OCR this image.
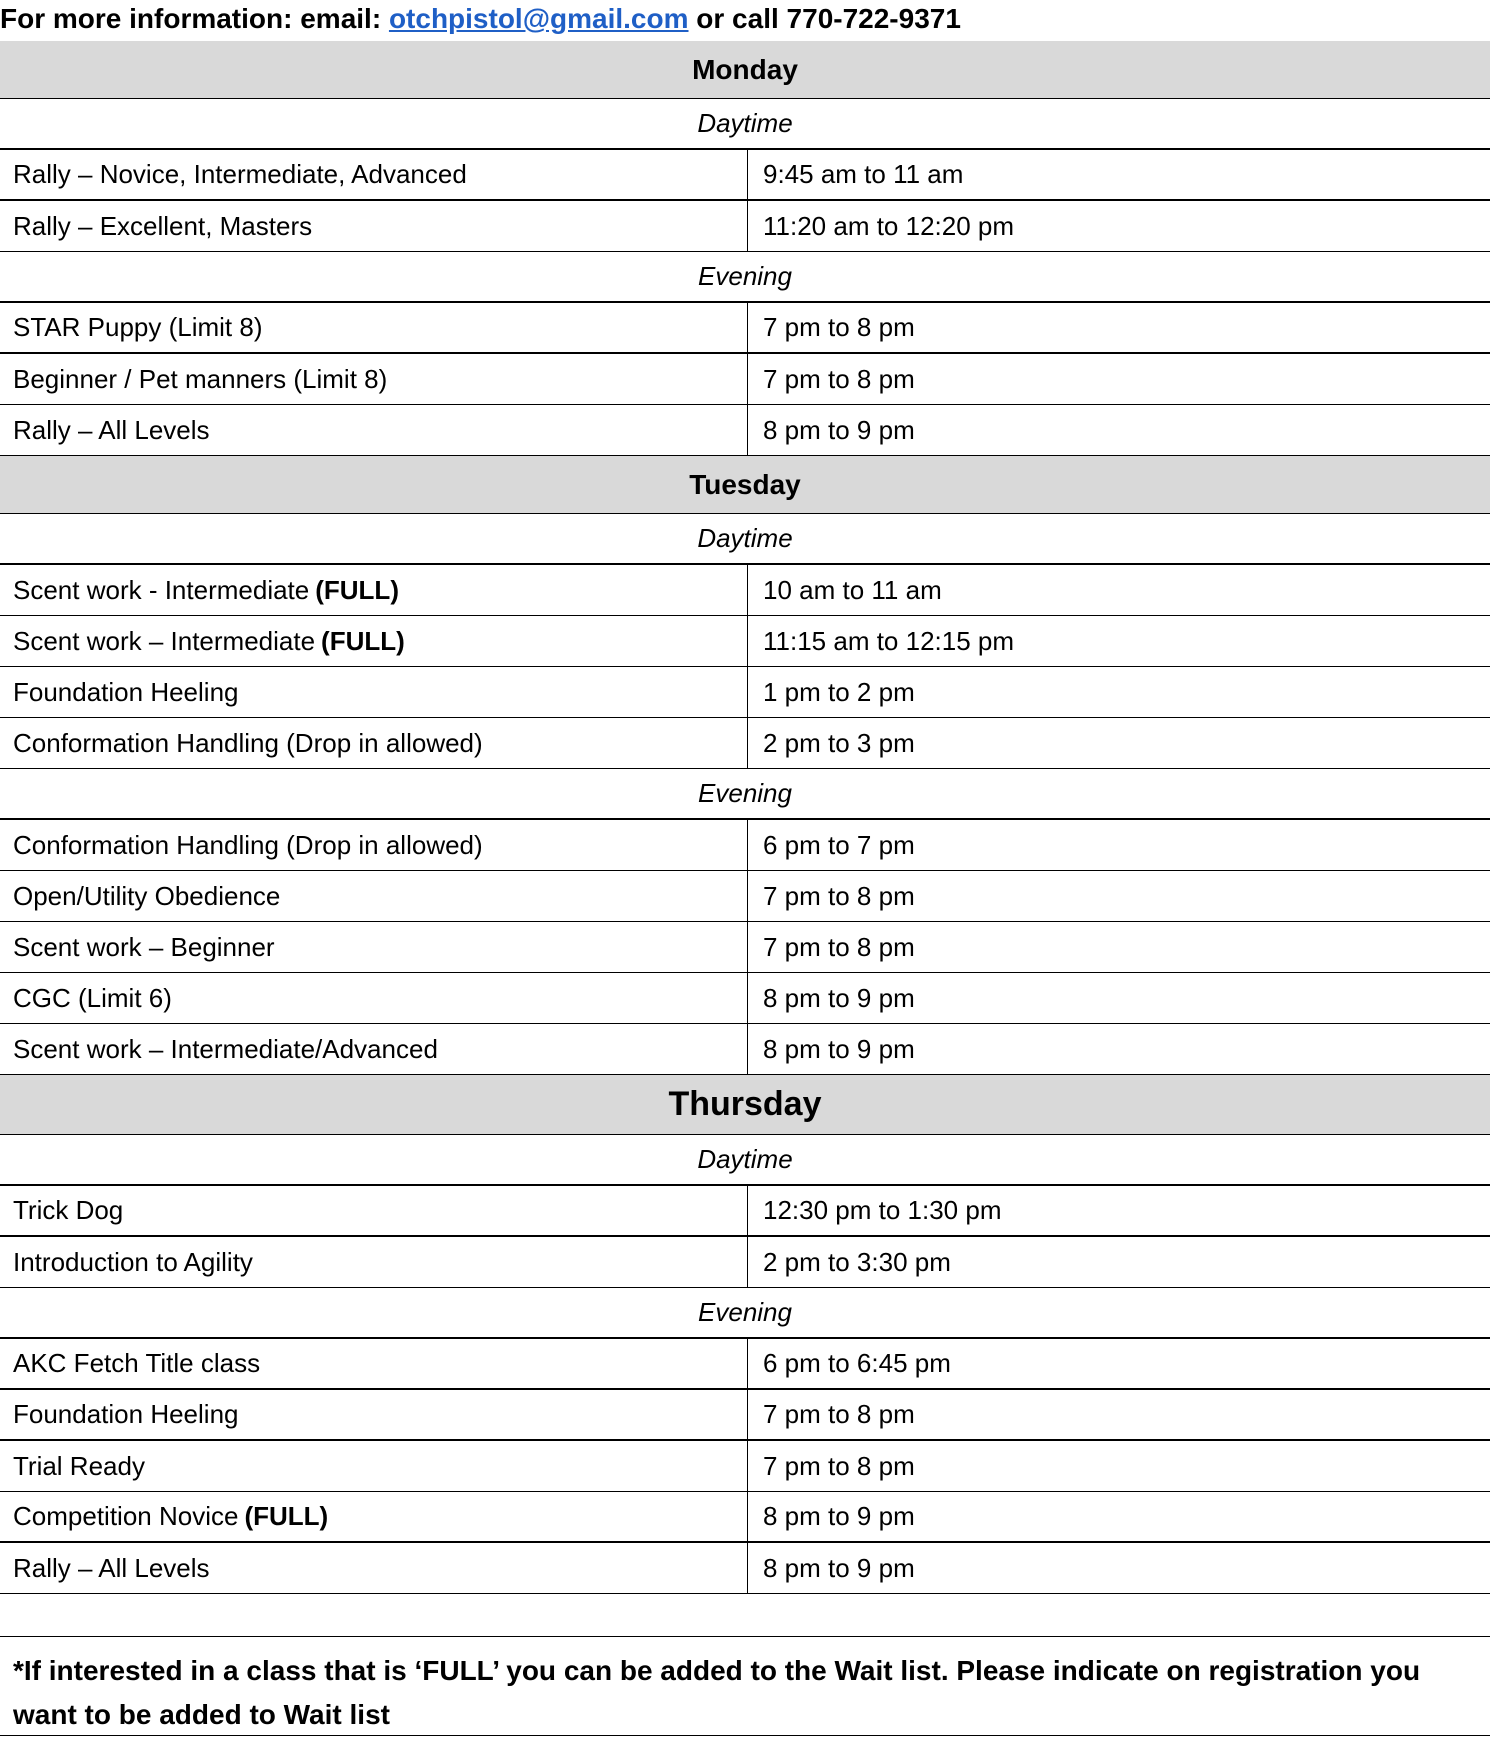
For more information: email: otchpistol@gmail.com or call 770-722-9371
Monday
Daytime
Rally – Novice, Intermediate, Advanced	9:45 am to 11 am
Rally – Excellent, Masters	11:20 am to 12:20 pm
Evening
STAR Puppy (Limit 8)	7 pm to 8 pm
Beginner / Pet manners (Limit 8)	7 pm to 8 pm
Rally – All Levels	8 pm to 9 pm
Tuesday
Daytime
Scent work - Intermediate (FULL)	10 am to 11 am
Scent work – Intermediate (FULL)	11:15 am to 12:15 pm
Foundation Heeling	1 pm to 2 pm
Conformation Handling (Drop in allowed)	2 pm to 3 pm
Evening
Conformation Handling (Drop in allowed)	6 pm to 7 pm
Open/Utility Obedience	7 pm to 8 pm
Scent work – Beginner	7 pm to 8 pm
CGC (Limit 6)	8 pm to 9 pm
Scent work – Intermediate/Advanced	8 pm to 9 pm
Thursday
Daytime
Trick Dog	12:30 pm to 1:30 pm
Introduction to Agility	2 pm to 3:30 pm
Evening
AKC Fetch Title class	6 pm to 6:45 pm
Foundation Heeling	7 pm to 8 pm
Trial Ready	7 pm to 8 pm
Competition Novice (FULL)	8 pm to 9 pm
Rally – All Levels	8 pm to 9 pm
*If interested in a class that is ‘FULL’ you can be added to the Wait list. Please indicate on registration you
want to be added to Wait list
